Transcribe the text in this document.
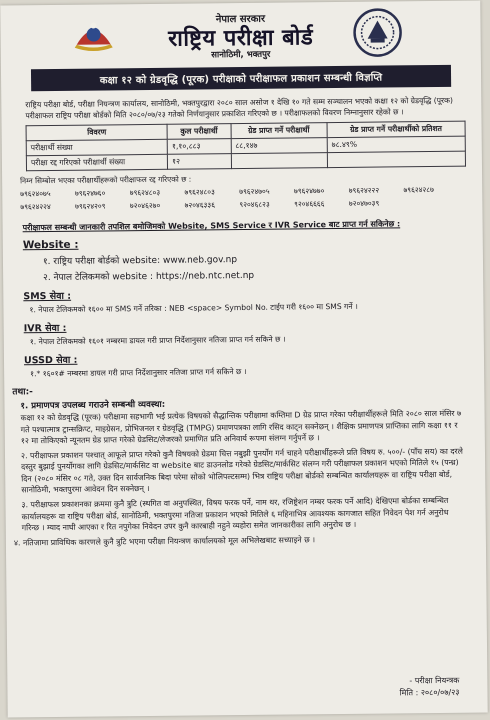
नेपाल सरकार
राष्ट्रिय परीक्षा बोर्ड
सानोठिमी, भक्तपुर
कक्षा १२ को ग्रेडवृद्धि (पूरक) परीक्षाको परीक्षाफल प्रकाशन सम्बन्धी विज्ञप्ति
राष्ट्रिय परीक्षा बोर्ड, परीक्षा नियन्त्रण कार्यालय, सानोठिमी, भक्तपुरद्वारा २०८० साल असोज १ देखि १० गते सम्म सञ्चालन भएको कक्षा १२ को ग्रेडवृद्धि (पूरक) परीक्षाफल राष्ट्रिय परीक्षा बोर्डको मिति २०८०/०७/२३ गतेको निर्णयानुसार प्रकाशित गरिएको छ । परीक्षाफलको विवरण निम्नानुसार रहेको छ ।
विवरण	कुल परीक्षार्थी	ग्रेड प्राप्त गर्ने परीक्षार्थी	ग्रेड प्राप्त गर्ने परीक्षार्थीको प्रतिशत
परीक्षार्थी संख्या	१,१०,८८३	८८,१४७	७८.४९%
परीक्षा रद्द गरिएको परीक्षार्थी संख्या	१२		
निम्न सिम्बोल भएका परीक्षार्थीहरूको परीक्षाफल रद्द गरिएको छ :
७९६२४०७५	७९६२४७६०	७९६२४८०३	७९६२४८०३	७९६२४७०५	७९६२४७७०	७९६२४२२२	७९६२४२८७
७९६२४२२४	७९६२४२०९	७२०४६२७०	७२०४६३३६	९२०४६८२३	९२०४६६६६	७२०४७०३९
परीक्षाफल सम्बन्धी जानकारी तपशिल बमोजिमको Website, SMS Service र IVR Service बाट प्राप्त गर्न सकिनेछ :
Website :
१. राष्ट्रिय परीक्षा बोर्डको website: www.neb.gov.np
२. नेपाल टेलिकमको website : https://neb.ntc.net.np
SMS सेवा :
१. नेपाल टेलिकमको १६०० मा SMS गर्ने तरिका : NEB <space> Symbol No. टाईप गरी १६०० मा SMS गर्ने ।
IVR सेवा :
१. नेपाल टेलिकमको १६०१ नम्बरमा डायल गरी प्राप्त निर्देशानुसार नतिजा प्राप्त गर्न सकिने छ ।
USSD सेवा :
१.* १६०१# नम्बरमा डायल गरी प्राप्त निर्देशानुसार नतिजा प्राप्त गर्न सकिने छ ।
तथा:-
१. प्रमाणपत्र उपलब्ध गराउने सम्बन्धी व्यवस्था:
कक्षा १२ को ग्रेडवृद्धि (पूरक) परीक्षामा सहभागी भई प्रत्येक विषयको सैद्धान्तिक परीक्षामा कम्तिमा D ग्रेड प्राप्त गरेका परीक्षार्थीहरूले मिति २०८० साल मंसिर ७ गते पश्चात्मात्र ट्रान्सक्रिप्ट, माइग्रेसन, प्रोभिजनल र ग्रेडवृद्धि (TMPG) प्रमाणपत्रका लागि रसिद काट्न सक्नेछन् । शैक्षिक प्रमाणपत्र प्राप्तिका लागि कक्षा ११ र १२ मा तोकिएको न्यूनतम ग्रेड प्राप्त गरेको ग्रेडसिट/लेजरको प्रमाणित प्रति अनिवार्य रूपमा संलग्न गर्नुपर्ने छ ।
२. परीक्षाफल प्रकाशन पश्चात् आफूले प्राप्त गरेको कुनै विषयको ग्रेडमा चित्त नबुझी पुनर्योग गर्न चाहने परीक्षार्थीहरूले प्रति विषय रु. ५००/- (पाँच सय) का दरले दस्तुर बुझाई पुनर्योगका लागि ग्रेडसिट/मार्कसिट वा website बाट डाउनलोड गरेको ग्रेडसिट/मार्कसिट संलग्न गरी परीक्षाफल प्रकाशन भएको मितिले १५ (पन्ध्र) दिन (२०८० मंसिर ०८ गते, उक्त दिन सार्वजनिक बिदा परेमा सोको भोलिपल्टसम्म) भित्र राष्ट्रिय परीक्षा बोर्डको सम्बन्धित कार्यालयहरू वा राष्ट्रिय परीक्षा बोर्ड, सानोठिमी, भक्तपुरमा आवेदन दिन सक्नेछन् ।
३. परीक्षाफल प्रकाशनका क्रममा कुनै त्रुटि (स्थगित वा अनुपस्थित, विषय फरक पर्ने, नाम थर, रजिष्ट्रेशन नम्बर फरक पर्ने आदि) देखिएमा बोर्डका सम्बन्धित कार्यालयहरू वा राष्ट्रिय परीक्षा बोर्ड, सानोठिमी, भक्तपुरमा नतिजा प्रकाशन भएको मितिले ६ महिनाभित्र आवश्यक कागजात सहित निवेदन पेश गर्न अनुरोध गरिन्छ । म्याद नाघी आएका र रित नपुगेका निवेदन उपर कुनै कारबाही नहुने व्यहोरा समेत जानकारीका लागि अनुरोध छ ।
४. नतिजामा प्राविधिक कारणले कुनै त्रुटि भएमा परीक्षा नियन्त्रण कार्यालयको मूल अभिलेखबाट सच्याइने छ ।
- परीक्षा नियन्त्रक
मिति : २०८०/०७/२३
